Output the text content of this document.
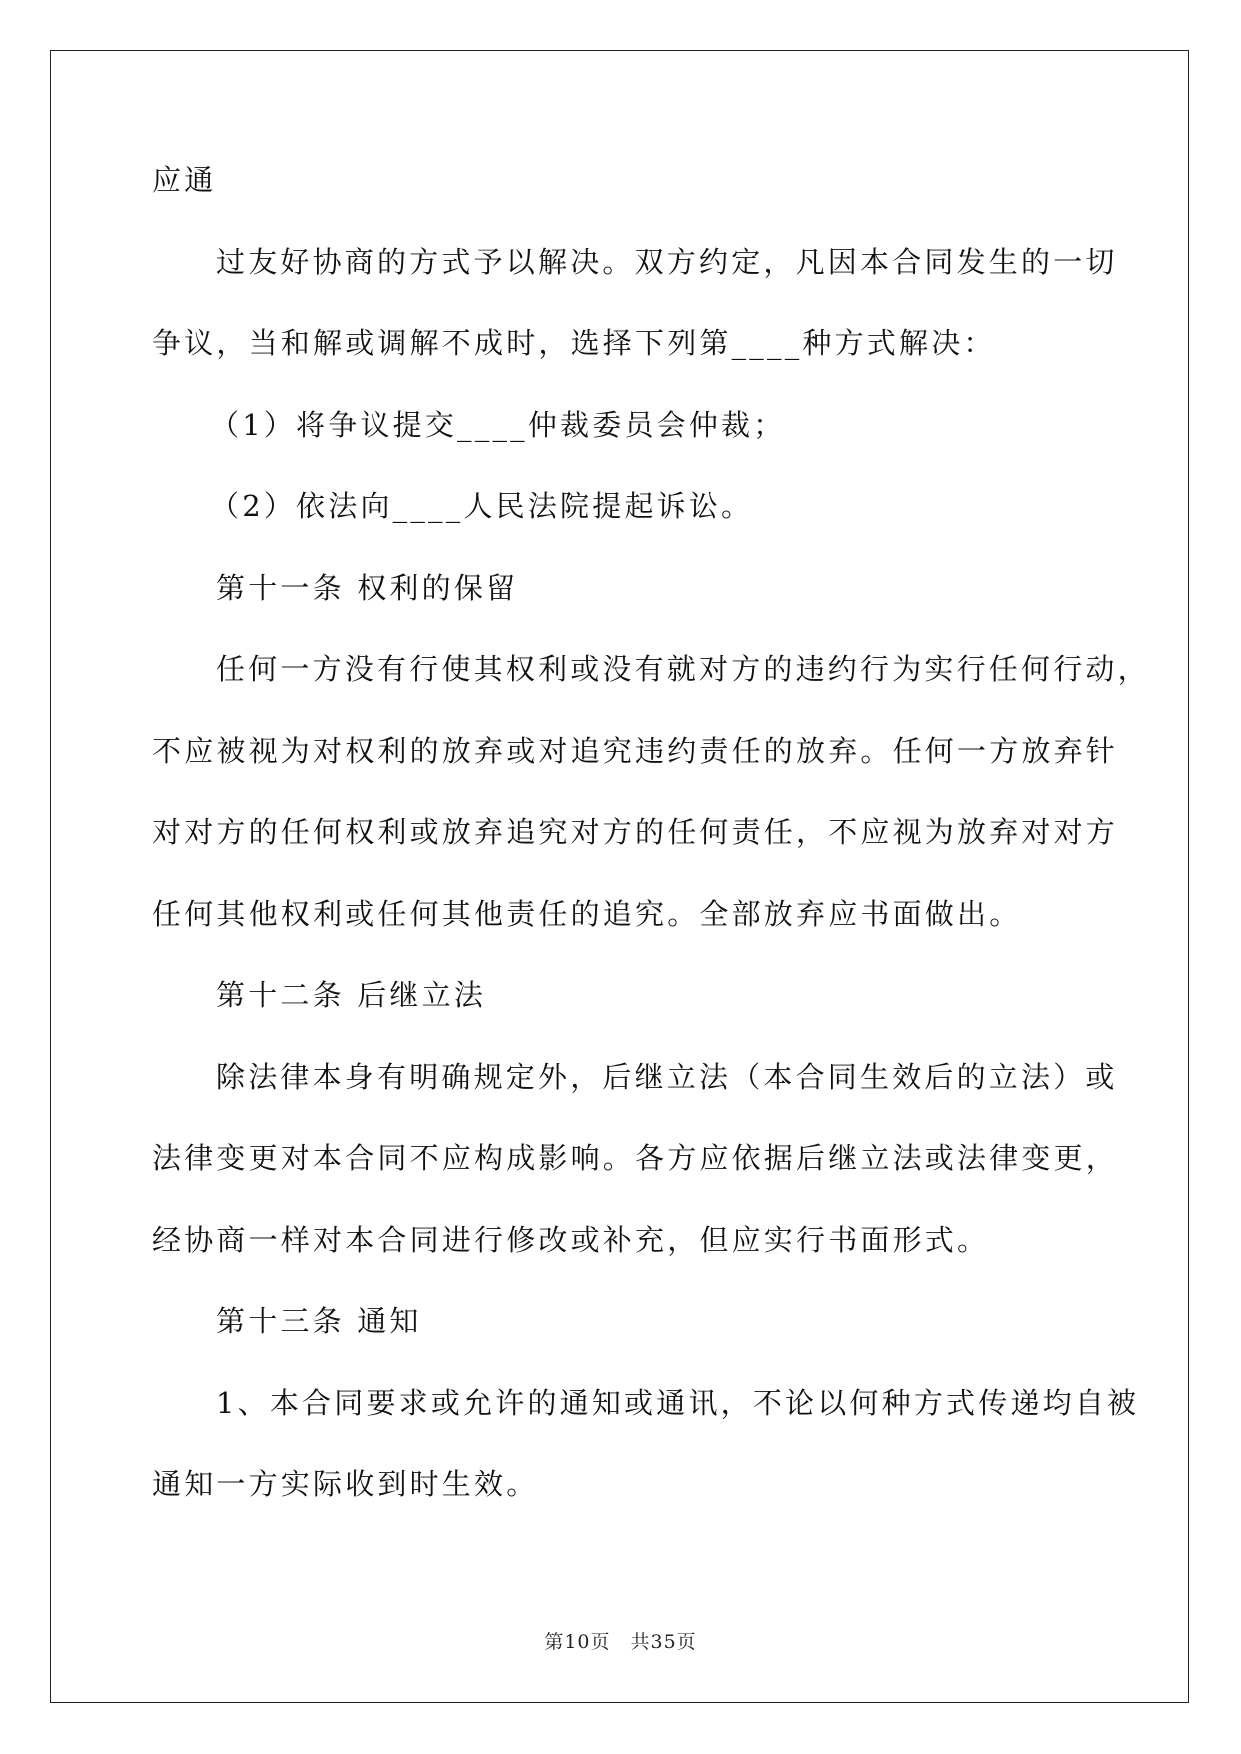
应通
过友好协商的方式予以解决。双方约定，凡因本合同发生的一切
争议，当和解或调解不成时，选择下列第____种方式解决：
（1）将争议提交____仲裁委员会仲裁；
（2）依法向____人民法院提起诉讼。
第十一条 权利的保留
任何一方没有行使其权利或没有就对方的违约行为实行任何行动，
不应被视为对权利的放弃或对追究违约责任的放弃。任何一方放弃针
对对方的任何权利或放弃追究对方的任何责任，不应视为放弃对对方
任何其他权利或任何其他责任的追究。全部放弃应书面做出。
第十二条 后继立法
除法律本身有明确规定外，后继立法（本合同生效后的立法）或
法律变更对本合同不应构成影响。各方应依据后继立法或法律变更，
经协商一样对本合同进行修改或补充，但应实行书面形式。
第十三条 通知
1、本合同要求或允许的通知或通讯，不论以何种方式传递均自被
通知一方实际收到时生效。
第10页　共35页
